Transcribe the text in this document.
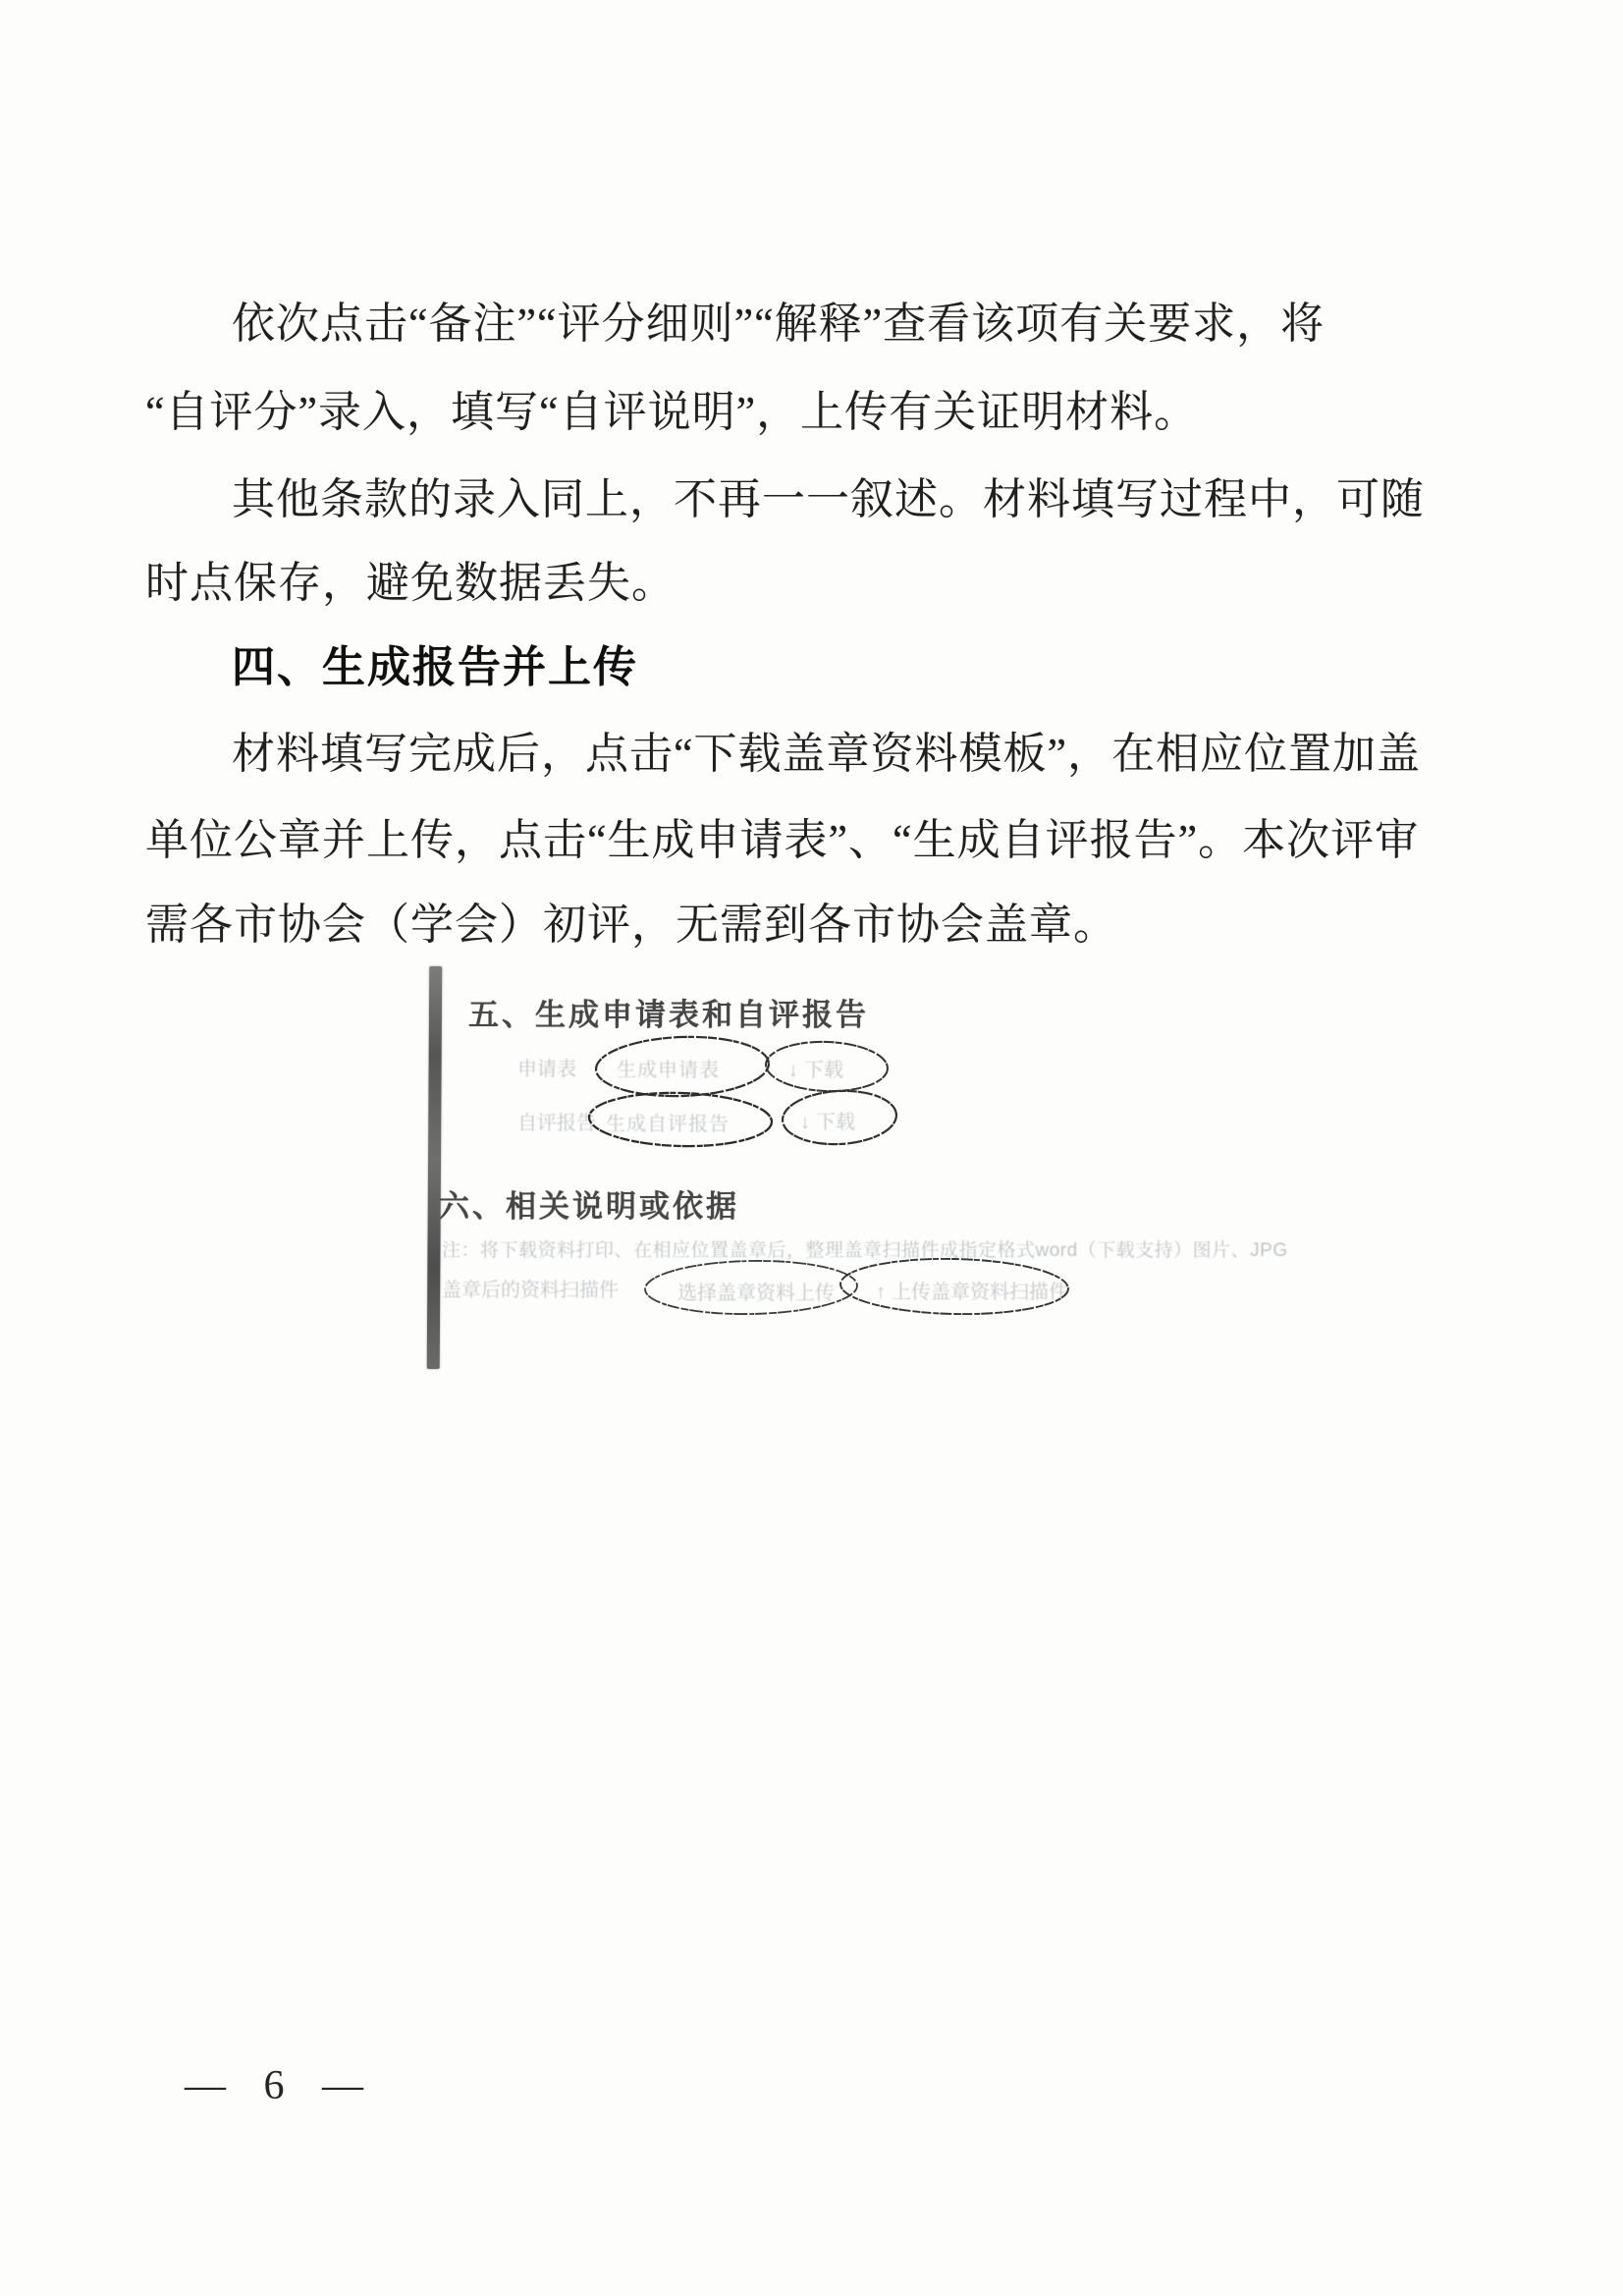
依次点击“备注”“评分细则”“解释”查看该项有关要求，将
“自评分”录入，填写“自评说明”，上传有关证明材料。
其他条款的录入同上，不再一一叙述。材料填写过程中，可随
时点保存，避免数据丢失。
四、生成报告并上传
材料填写完成后，点击“下载盖章资料模板”，在相应位置加盖
单位公章并上传，点击“生成申请表”、“生成自评报告”。本次评审
需各市协会（学会）初评，无需到各市协会盖章。
五、生成申请表和自评报告
申请表 生成申请表	↓ 下载
自评报告 生成自评报告	↓ 下载
六、相关说明或依据
注：将下载资料打印、在相应位置盖章后，整理盖章扫描件成指定格式word（下载支持）图片、JPG
盖章后的资料扫描件	选择盖章资料上传 ↑ 上传盖章资料扫描件
— 6 —
